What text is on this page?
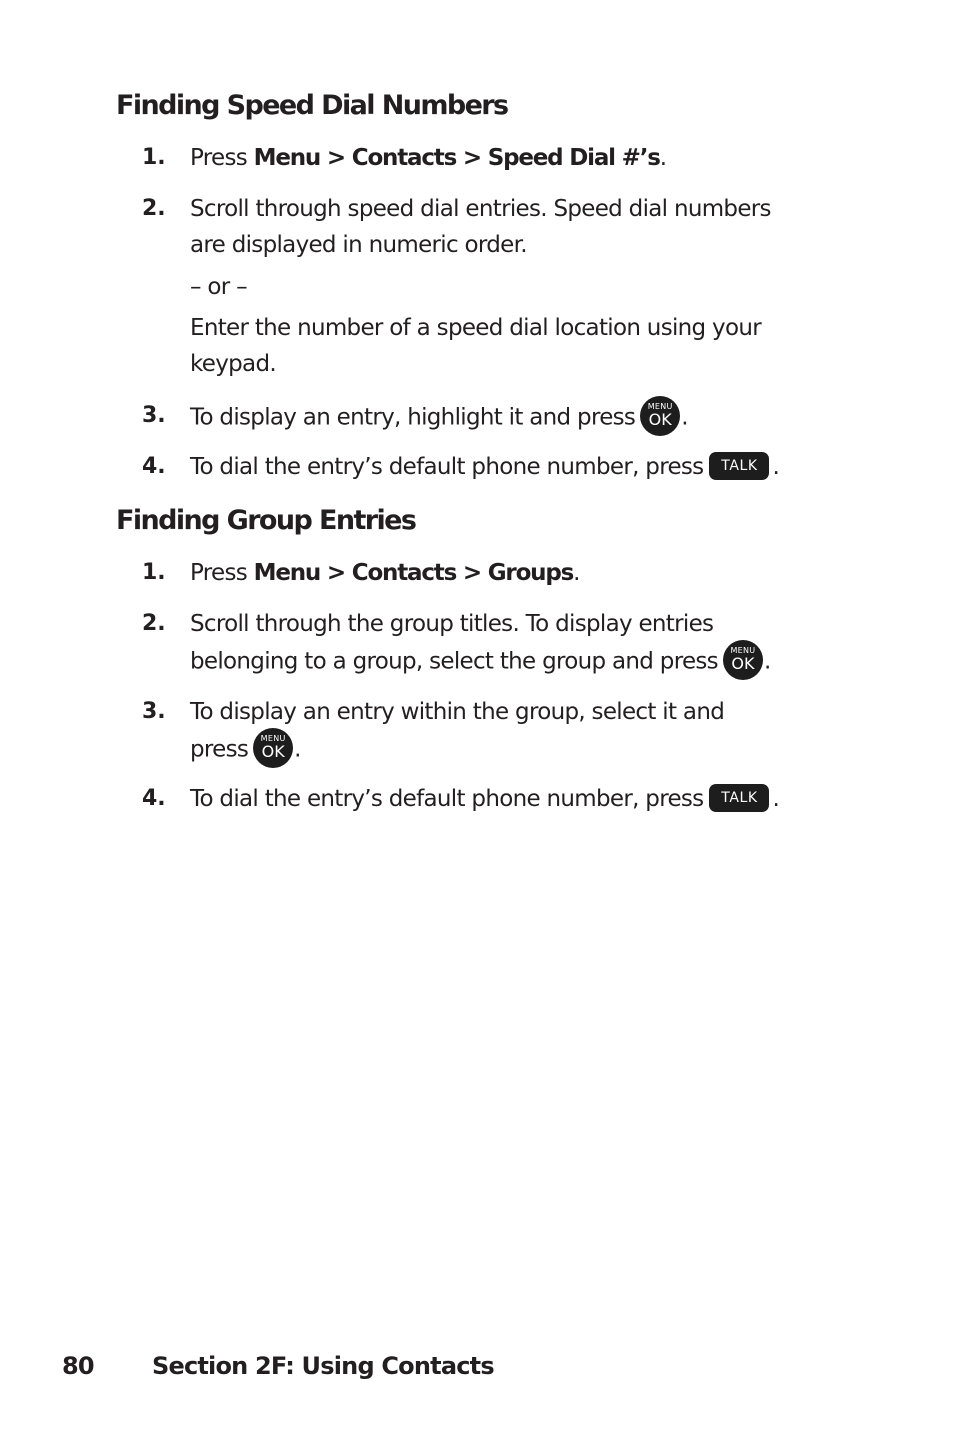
Finding Speed Dial Numbers
1. Press Menu > Contacts > Speed Dial #’s.
2. Scroll through speed dial entries. Speed dial numbers
are displayed in numeric order.
– or –
Enter the number of a speed dial location using your
keypad.
3. To display an entry, highlight it and press	MENU
OK .
4. To dial the entry’s default phone number, press TALK .
Finding Group Entries
1. Press Menu > Contacts > Groups.
2. Scroll through the group titles. To display entries
belonging to a group, select the group and press	MENU
OK .
3. To display an entry within the group, select it and
press	MENU
OK .
4. To dial the entry’s default phone number, press TALK .
80 Section 2F: Using Contacts
